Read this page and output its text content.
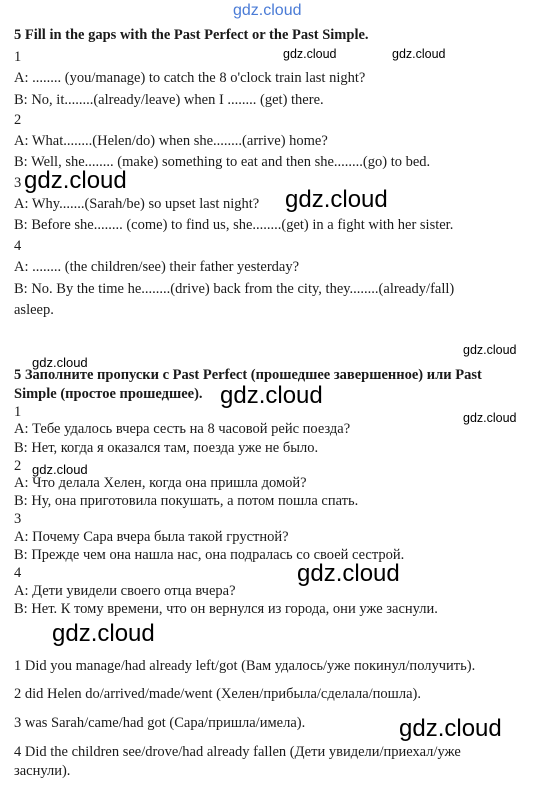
gdz.cloud
gdz.cloud	gdz.cloud
gdz.cloud
gdz.cloud
gdz.cloud
gdz.cloud
gdz.cloud
gdz.cloud
gdz.cloud
gdz.cloud
gdz.cloud
gdz.cloud
5 Fill in the gaps with the Past Perfect or the Past Simple.
1
A: ........ (you/manage) to catch the 8 o'clock train last night?
B: No, it........(already/leave) when I ........ (get) there.
2
A: What........(Helen/do) when she........(arrive) home?
B: Well, she........ (make) something to eat and then she........(go) to bed.
3
A: Why.......(Sarah/be) so upset last night?
B: Before she........ (come) to find us, she........(get) in a fight with her sister.
4
A: ........ (the children/see) their father yesterday?
B: No. By the time he........(drive) back from the city, they........(already/fall)
asleep.
5 Заполните пропуски с Past Perfect (прошедшее завершенное) или Past
Simple (простое прошедшее).
1
A: Тебе удалось вчера сесть на 8 часовой рейс поезда?
B: Нет, когда я оказался там, поезда уже не было.
2
A: Что делала Хелен, когда она пришла домой?
B: Ну, она приготовила покушать, а потом пошла спать.
3
A: Почему Сара вчера была такой грустной?
B: Прежде чем она нашла нас, она подралась со своей сестрой.
4
A: Дети увидели своего отца вчера?
B: Нет. К тому времени, что он вернулся из города, они уже заснули.
1 Did you manage/had already left/got (Вам удалось/уже покинул/получить).
2 did Helen do/arrived/made/went (Хелен/прибыла/сделала/пошла).
3 was Sarah/came/had got (Сара/пришла/имела).
4 Did the children see/drove/had already fallen (Дети увидели/приехал/уже
заснули).
